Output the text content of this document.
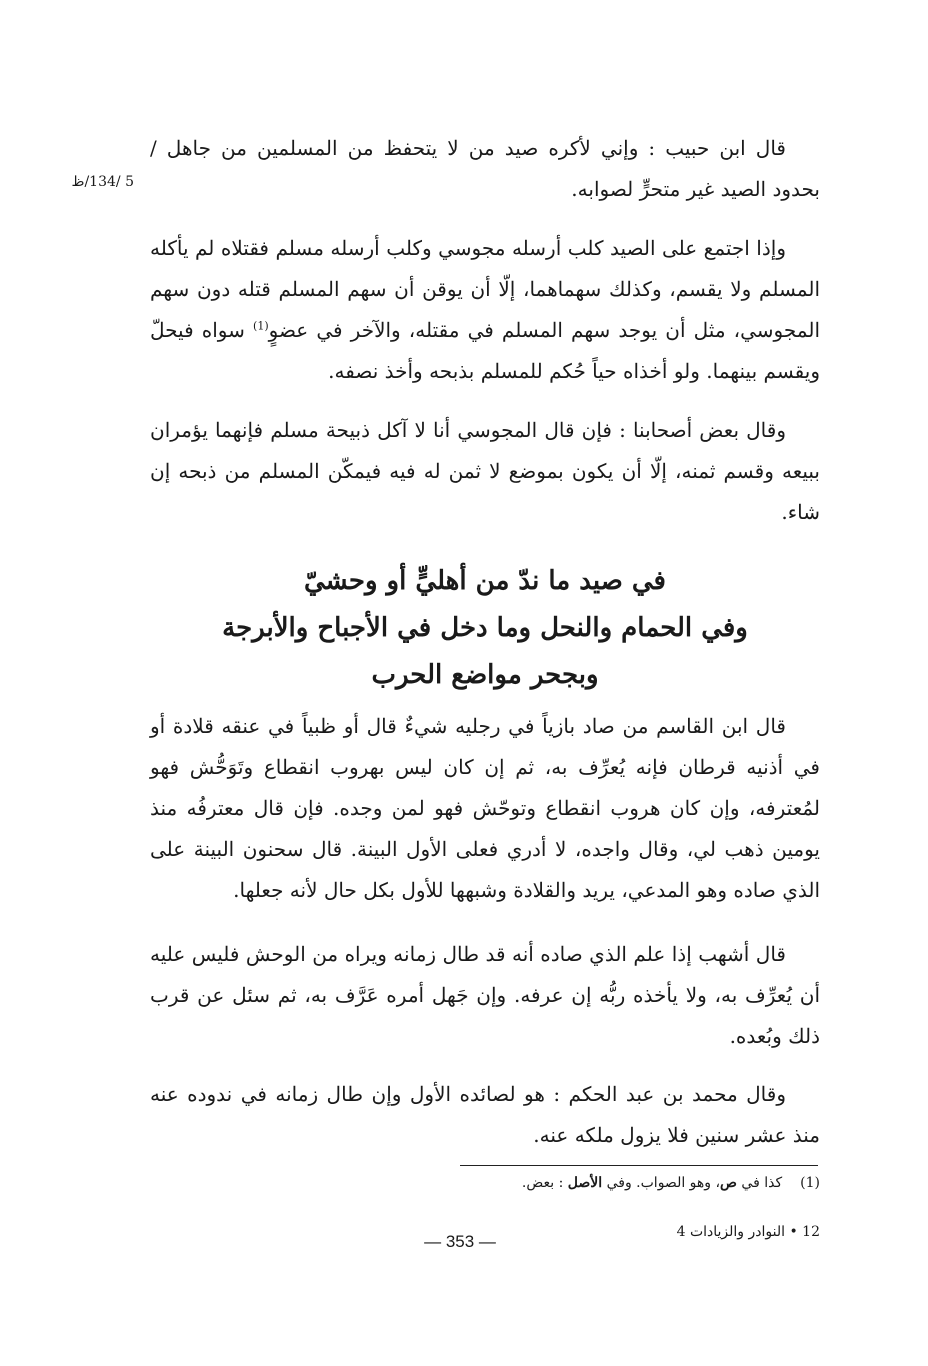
5 /134/ظ

قال ابن حبيب : وإني لأكره صيد من لا يتحفظ من المسلمين من جاهل / بحدود الصيد غير متحرٍّ لصوابه.

وإذا اجتمع على الصيد كلب أرسله مجوسي وكلب أرسله مسلم فقتلاه لم يأكله المسلم ولا يقسم، وكذلك سهماهما، إلّا أن يوقن أن سهم المسلم قتله دون سهم المجوسي، مثل أن يوجد سهم المسلم في مقتله، والآخر في عضوٍ$^{(1)}$ سواه فيحلّ ويقسم بينهما. ولو أخذاه حياً حُكم للمسلم بذبحه وأخذ نصفه.

وقال بعض أصحابنا : فإن قال المجوسي أنا لا آكل ذبيحة مسلم فإنهما يؤمران ببيعه وقسم ثمنه، إلّا أن يكون بموضع لا ثمن له فيه فيمكّن المسلم من ذبحه إن شاء.

في صيد ما ندّ من أهليٍّ أو وحشيّ
وفي الحمام والنحل وما دخل في الأجباح والأبرجة
وبجحر مواضع الحرب

قال ابن القاسم من صاد بازياً في رجليه شيءٌ قال أو ظبياً في عنقه قلادة أو في أذنيه قرطان فإنه يُعرِّف به، ثم إن كان ليس بهروب انقطاع وتَوَحُّش فهو لمُعترفه، وإن كان هروب انقطاع وتوحّش فهو لمن وجده. فإن قال معترفُه منذ يومين ذهب لي، وقال واجده، لا أدري فعلى الأول البينة. قال سحنون البينة على الذي صاده وهو المدعي، يريد والقلادة وشبهها للأول بكل حال لأنه جعلها.

قال أشهب إذا علم الذي صاده أنه قد طال زمانه ويراه من الوحش فليس عليه أن يُعرِّف به، ولا يأخذه ربُّه إن عرفه. وإن جَهل أمره عَرَّف به، ثم سئل عن قرب ذلك وبُعده.

وقال محمد بن عبد الحكم : هو لصائده الأول وإن طال زمانه في ندوده عنه منذ عشر سنين فلا يزول ملكه عنه.

(1)كذا في ص، وهو الصواب. وفي الأصل : بعض.
12 ‎• النوادر والزيادات 4
— 353 —
